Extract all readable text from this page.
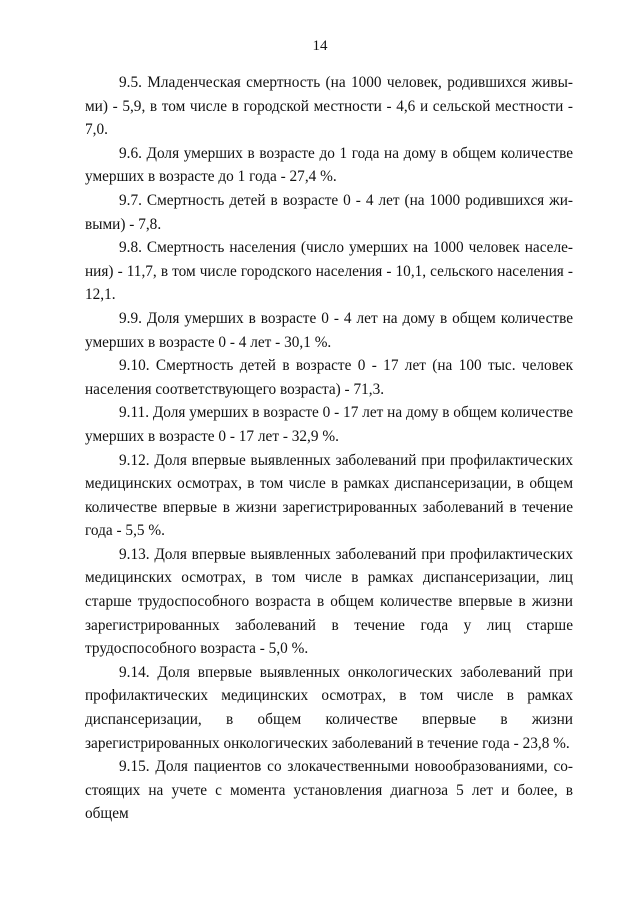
14

9.5. Младенческая смертность (на 1000 человек, родившихся живыми) - 5,9, в том числе в городской местности - 4,6 и сельской местности - 7,0.

9.6. Доля умерших в возрасте до 1 года на дому в общем количестве умерших в возрасте до 1 года - 27,4 %.

9.7. Смертность детей в возрасте 0 - 4 лет (на 1000 родившихся живыми) - 7,8.

9.8. Смертность населения (число умерших на 1000 человек населения) - 11,7, в том числе городского населения - 10,1, сельского населения - 12,1.

9.9. Доля умерших в возрасте 0 - 4 лет на дому в общем количестве умерших в возрасте 0 - 4 лет - 30,1 %.

9.10. Смертность детей в возрасте 0 - 17 лет (на 100 тыс. человек населения соответствующего возраста) - 71,3.

9.11. Доля умерших в возрасте 0 - 17 лет на дому в общем количестве умерших в возрасте 0 - 17 лет - 32,9 %.

9.12. Доля впервые выявленных заболеваний при профилактических медицинских осмотрах, в том числе в рамках диспансеризации, в общем количестве впервые в жизни зарегистрированных заболеваний в течение года - 5,5 %.

9.13. Доля впервые выявленных заболеваний при профилактических медицинских осмотрах, в том числе в рамках диспансеризации, лиц старше трудоспособного возраста в общем количестве впервые в жизни зарегистрированных заболеваний в течение года у лиц старше трудоспособного возраста - 5,0 %.

9.14. Доля впервые выявленных онкологических заболеваний при профилактических медицинских осмотрах, в том числе в рамках диспансеризации, в общем количестве впервые в жизни зарегистрированных онкологических заболеваний в течение года - 23,8 %.

9.15. Доля пациентов со злокачественными новообразованиями, состоящих на учете с момента установления диагноза 5 лет и более, в общем
